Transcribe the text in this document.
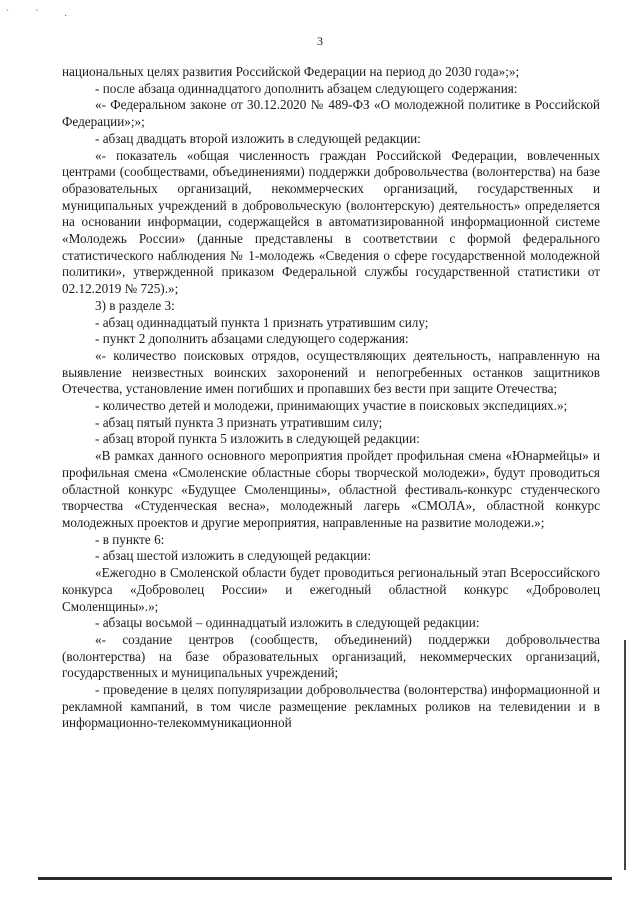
` ` .
3

национальных целях развития Российской Федерации на период до 2030 года»;»;

- после абзаца одиннадцатого дополнить абзацем следующего содержания:

«- Федеральном законе от 30.12.2020 № 489-ФЗ «О молодежной политике в Российской Федерации»;»;

- абзац двадцать второй изложить в следующей редакции:

«- показатель «общая численность граждан Российской Федерации, вовлеченных центрами (сообществами, объединениями) поддержки добровольчества (волонтерства) на базе образовательных организаций, некоммерческих организаций, государственных и муниципальных учреждений в добровольческую (волонтерскую) деятельность» определяется на основании информации, содержащейся в автоматизированной информационной системе «Молодежь России» (данные представлены в соответствии с формой федерального статистического наблюдения № 1-молодежь «Сведения о сфере государственной молодежной политики», утвержденной приказом Федеральной службы государственной статистики от 02.12.2019 № 725).»;

3) в разделе 3:

- абзац одиннадцатый пункта 1 признать утратившим силу;

- пункт 2 дополнить абзацами следующего содержания:

«- количество поисковых отрядов, осуществляющих деятельность, направленную на выявление неизвестных воинских захоронений и непогребенных останков защитников Отечества, установление имен погибших и пропавших без вести при защите Отечества;

- количество детей и молодежи, принимающих участие в поисковых экспедициях.»;

- абзац пятый пункта 3 признать утратившим силу;

- абзац второй пункта 5 изложить в следующей редакции:

«В рамках данного основного мероприятия пройдет профильная смена «Юнармейцы» и профильная смена «Смоленские областные сборы творческой молодежи», будут проводиться областной конкурс «Будущее Смоленщины», областной фестиваль-конкурс студенческого творчества «Студенческая весна», молодежный лагерь «СМОЛА», областной конкурс молодежных проектов и другие мероприятия, направленные на развитие молодежи.»;

- в пункте 6:

- абзац шестой изложить в следующей редакции:

«Ежегодно в Смоленской области будет проводиться региональный этап Всероссийского конкурса «Доброволец России» и ежегодный областной конкурс «Доброволец Смоленщины».»;

- абзацы восьмой – одиннадцатый изложить в следующей редакции:

«- создание центров (сообществ, объединений) поддержки добровольчества (волонтерства) на базе образовательных организаций, некоммерческих организаций, государственных и муниципальных учреждений;

- проведение в целях популяризации добровольчества (волонтерства) информационной и рекламной кампаний, в том числе размещение рекламных роликов на телевидении и в информационно-телекоммуникационной
